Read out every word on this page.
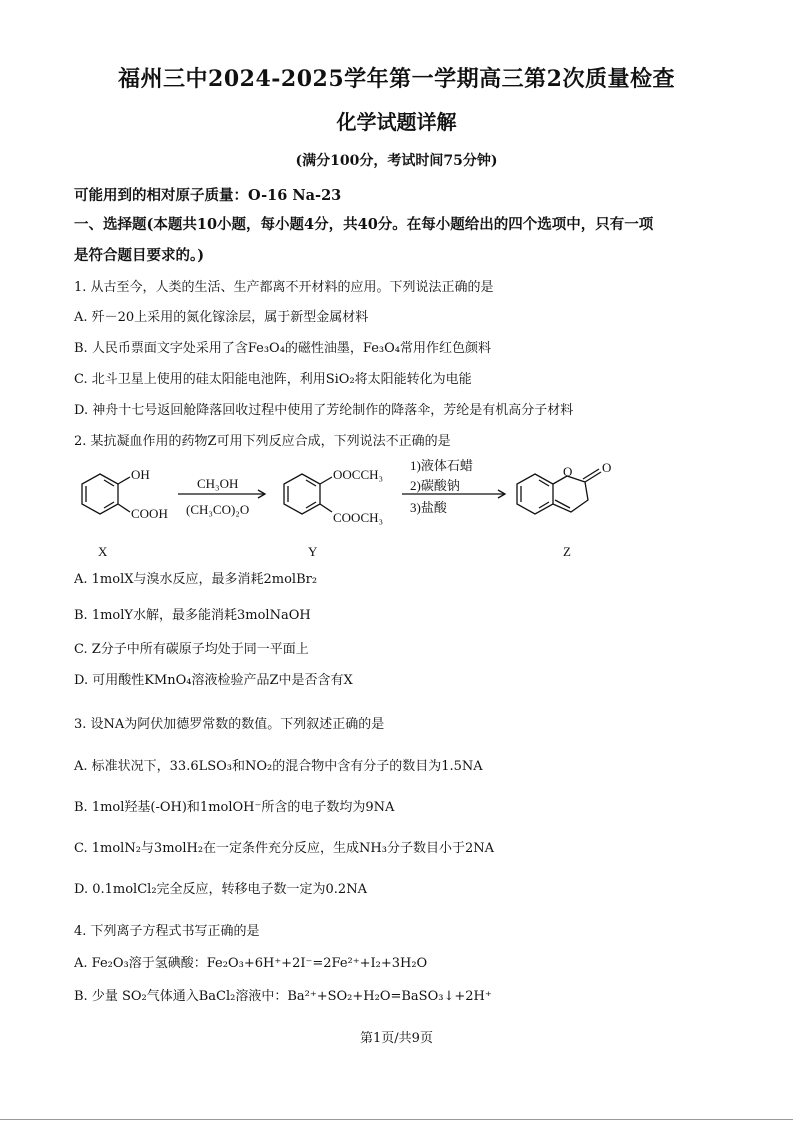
福州三中2024-2025学年第一学期高三第2次质量检查
化学试题详解
(满分100分，考试时间75分钟)
可能用到的相对原子质量：O-16 Na-23
一、选择题(本题共10小题，每小题4分，共40分。在每小题给出的四个选项中，只有一项
是符合题目要求的。)
1. 从古至今，人类的生活、生产都离不开材料的应用。下列说法正确的是
A. 歼－20上采用的氮化镓涂层，属于新型金属材料
B. 人民币票面文字处采用了含Fe₃O₄的磁性油墨，Fe₃O₄常用作红色颜料
C. 北斗卫星上使用的硅太阳能电池阵，利用SiO₂将太阳能转化为电能
D. 神舟十七号返回舱降落回收过程中使用了芳纶制作的降落伞，芳纶是有机高分子材料
2. 某抗凝血作用的药物Z可用下列反应合成，下列说法不正确的是
OH
COOH
CH₃OH
(CH₃CO)₂O
OOCCH₃
COOCH₃
1)液体石蜡
2)碳酸钠
3)盐酸
O O
X	Y	Z
A. 1molX与溴水反应，最多消耗2molBr₂
B. 1molY水解，最多能消耗3molNaOH
C. Z分子中所有碳原子均处于同一平面上
D. 可用酸性KMnO₄溶液检验产品Z中是否含有X
3. 设NA为阿伏加德罗常数的数值。下列叙述正确的是
A. 标准状况下，33.6LSO₃和NO₂的混合物中含有分子的数目为1.5NA
B. 1mol羟基(-OH)和1molOH⁻所含的电子数均为9NA
C. 1molN₂与3molH₂在一定条件充分反应，生成NH₃分子数目小于2NA
D. 0.1molCl₂完全反应，转移电子数一定为0.2NA
4. 下列离子方程式书写正确的是
A. Fe₂O₃溶于氢碘酸：Fe₂O₃+6H⁺+2I⁻=2Fe²⁺+I₂+3H₂O
B. 少量 SO₂气体通入BaCl₂溶液中：Ba²⁺+SO₂+H₂O=BaSO₃↓+2H⁺
第1页/共9页
